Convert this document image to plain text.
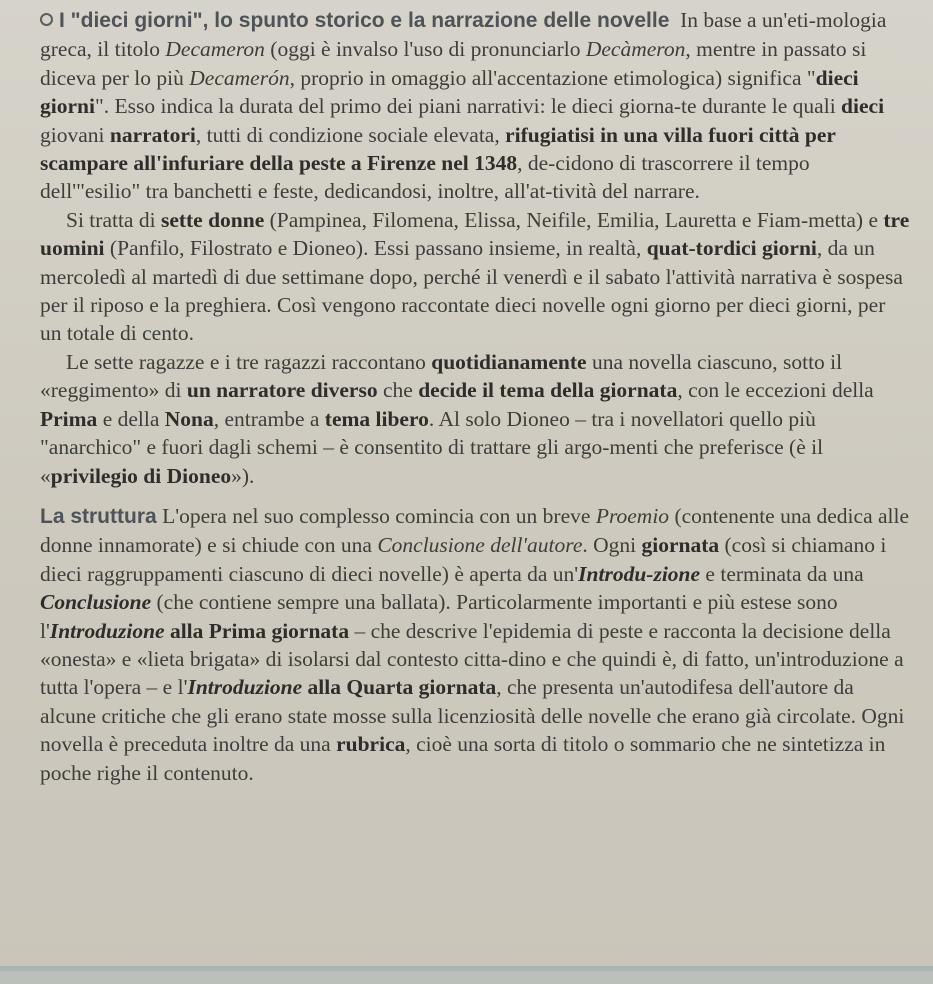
I "dieci giorni", lo spunto storico e la narrazione delle novelle In base a un'eti-mologia greca, il titolo Decameron (oggi è invalso l'uso di pronunciarlo Decàmeron, mentre in passato si diceva per lo più Decamerón, proprio in omaggio all'accentazione etimologica) significa "dieci giorni". Esso indica la durata del primo dei piani narrativi: le dieci giorna-te durante le quali dieci giovani narratori, tutti di condizione sociale elevata, rifugiatisi in una villa fuori città per scampare all'infuriare della peste a Firenze nel 1348, de-cidono di trascorrere il tempo dell'"esilio" tra banchetti e feste, dedicandosi, inoltre, all'at-tività del narrare.

Si tratta di sette donne (Pampinea, Filomena, Elissa, Neifile, Emilia, Lauretta e Fiam-metta) e tre uomini (Panfilo, Filostrato e Dioneo). Essi passano insieme, in realtà, quat-tordici giorni, da un mercoledì al martedì di due settimane dopo, perché il venerdì e il sabato l'attività narrativa è sospesa per il riposo e la preghiera. Così vengono raccontate dieci novelle ogni giorno per dieci giorni, per un totale di cento.

Le sette ragazze e i tre ragazzi raccontano quotidianamente una novella ciascuno, sotto il «reggimento» di un narratore diverso che decide il tema della giornata, con le eccezioni della Prima e della Nona, entrambe a tema libero. Al solo Dioneo – tra i novellatori quello più "anarchico" e fuori dagli schemi – è consentito di trattare gli argo-menti che preferisce (è il «privilegio di Dioneo»).

La struttura L'opera nel suo complesso comincia con un breve Proemio (contenente una dedica alle donne innamorate) e si chiude con una Conclusione dell'autore. Ogni giornata (così si chiamano i dieci raggruppamenti ciascuno di dieci novelle) è aperta da un'Introdu-zione e terminata da una Conclusione (che contiene sempre una ballata). Particolarmente importanti e più estese sono l'Introduzione alla Prima giornata – che descrive l'epidemia di peste e racconta la decisione della «onesta» e «lieta brigata» di isolarsi dal contesto citta-dino e che quindi è, di fatto, un'introduzione a tutta l'opera – e l'Introduzione alla Quarta giornata, che presenta un'autodifesa dell'autore da alcune critiche che gli erano state mosse sulla licenziosità delle novelle che erano già circolate. Ogni novella è preceduta inoltre da una rubrica, cioè una sorta di titolo o sommario che ne sintetizza in poche righe il contenuto.
